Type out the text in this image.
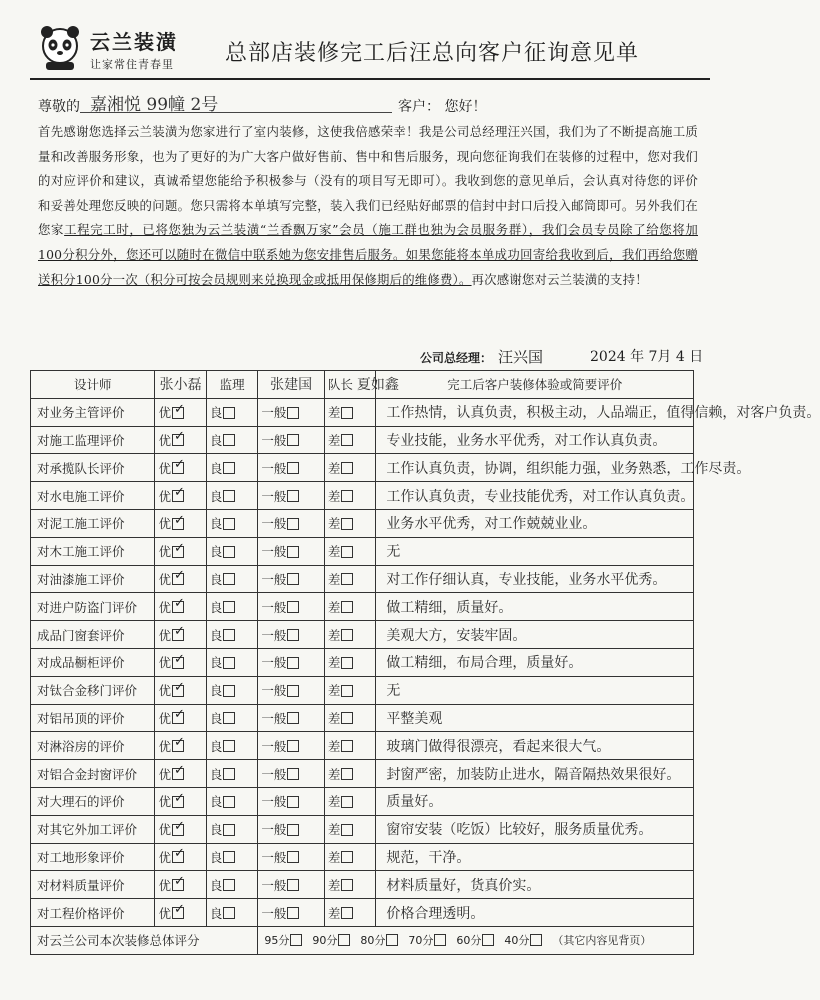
云兰装潢
让家常住青春里 总部店装修完工后汪总向客户征询意见单
尊敬的 嘉湘悦 99幢 2号	客户： 您好！
首先感谢您选择云兰装潢为您家进行了室内装修，这使我倍感荣幸！我是公司总经理汪兴国，我们为了不断提高施工质量和改善服务形象，也为了更好的为广大客户做好售前、售中和售后服务，现向您征询我们在装修的过程中，您对我们的对应评价和建议，真诚希望您能给予积极参与（没有的项目写无即可）。我收到您的意见单后，会认真对待您的评价和妥善处理您反映的问题。您只需将本单填写完整，装入我们已经贴好邮票的信封中封口后投入邮筒即可。另外我们在您家工程完工时，已将您独为云兰装潢“兰香飘万家”会员（施工群也独为会员服务群），我们会员专员除了给您将加100分积分外，您还可以随时在微信中联系她为您安排售后服务。如果您能将本单成功回寄给我收到后，我们再给您赠送积分100分一次（积分可按会员规则来兑换现金或抵用保修期后的维修费）。再次感谢您对云兰装潢的支持！
公司总经理： 汪兴国	2024 年 7月 4 日
设计师	张小磊	监理	张建国	队长 夏如鑫	完工后客户装修体验或简要评价
对业务主管评价	优✓	良	一般	差	工作热情，认真负责，积极主动，人品端正，值得信赖，对客户负责。
对施工监理评价	优✓	良	一般	差	专业技能，业务水平优秀，对工作认真负责。
对承揽队长评价	优✓	良	一般	差	工作认真负责，协调，组织能力强，业务熟悉，工作尽责。
对水电施工评价	优✓	良	一般	差	工作认真负责，专业技能优秀，对工作认真负责。
对泥工施工评价	优✓	良	一般	差	业务水平优秀，对工作兢兢业业。
对木工施工评价	优✓	良	一般	差	无
对油漆施工评价	优✓	良	一般	差	对工作仔细认真，专业技能，业务水平优秀。
对进户防盗门评价	优✓	良	一般	差	做工精细，质量好。
成品门窗套评价	优✓	良	一般	差	美观大方，安装牢固。
对成品橱柜评价	优✓	良	一般	差	做工精细，布局合理，质量好。
对钛合金移门评价	优✓	良	一般	差	无
对铝吊顶的评价	优✓	良	一般	差	平整美观
对淋浴房的评价	优✓	良	一般	差	玻璃门做得很漂亮，看起来很大气。
对铝合金封窗评价	优✓	良	一般	差	封窗严密，加装防止进水，隔音隔热效果很好。
对大理石的评价	优✓	良	一般	差	质量好。
对其它外加工评价	优✓	良	一般	差	窗帘安装（吃饭）比较好，服务质量优秀。
对工地形象评价	优✓	良	一般	差	规范，干净。
对材料质量评价	优✓	良	一般	差	材料质量好，货真价实。
对工程价格评价	优✓	良	一般	差	价格合理透明。
对云兰公司本次装修总体评分			95分 90分 80分 70分 60分 40分 （其它内容见背页）		
